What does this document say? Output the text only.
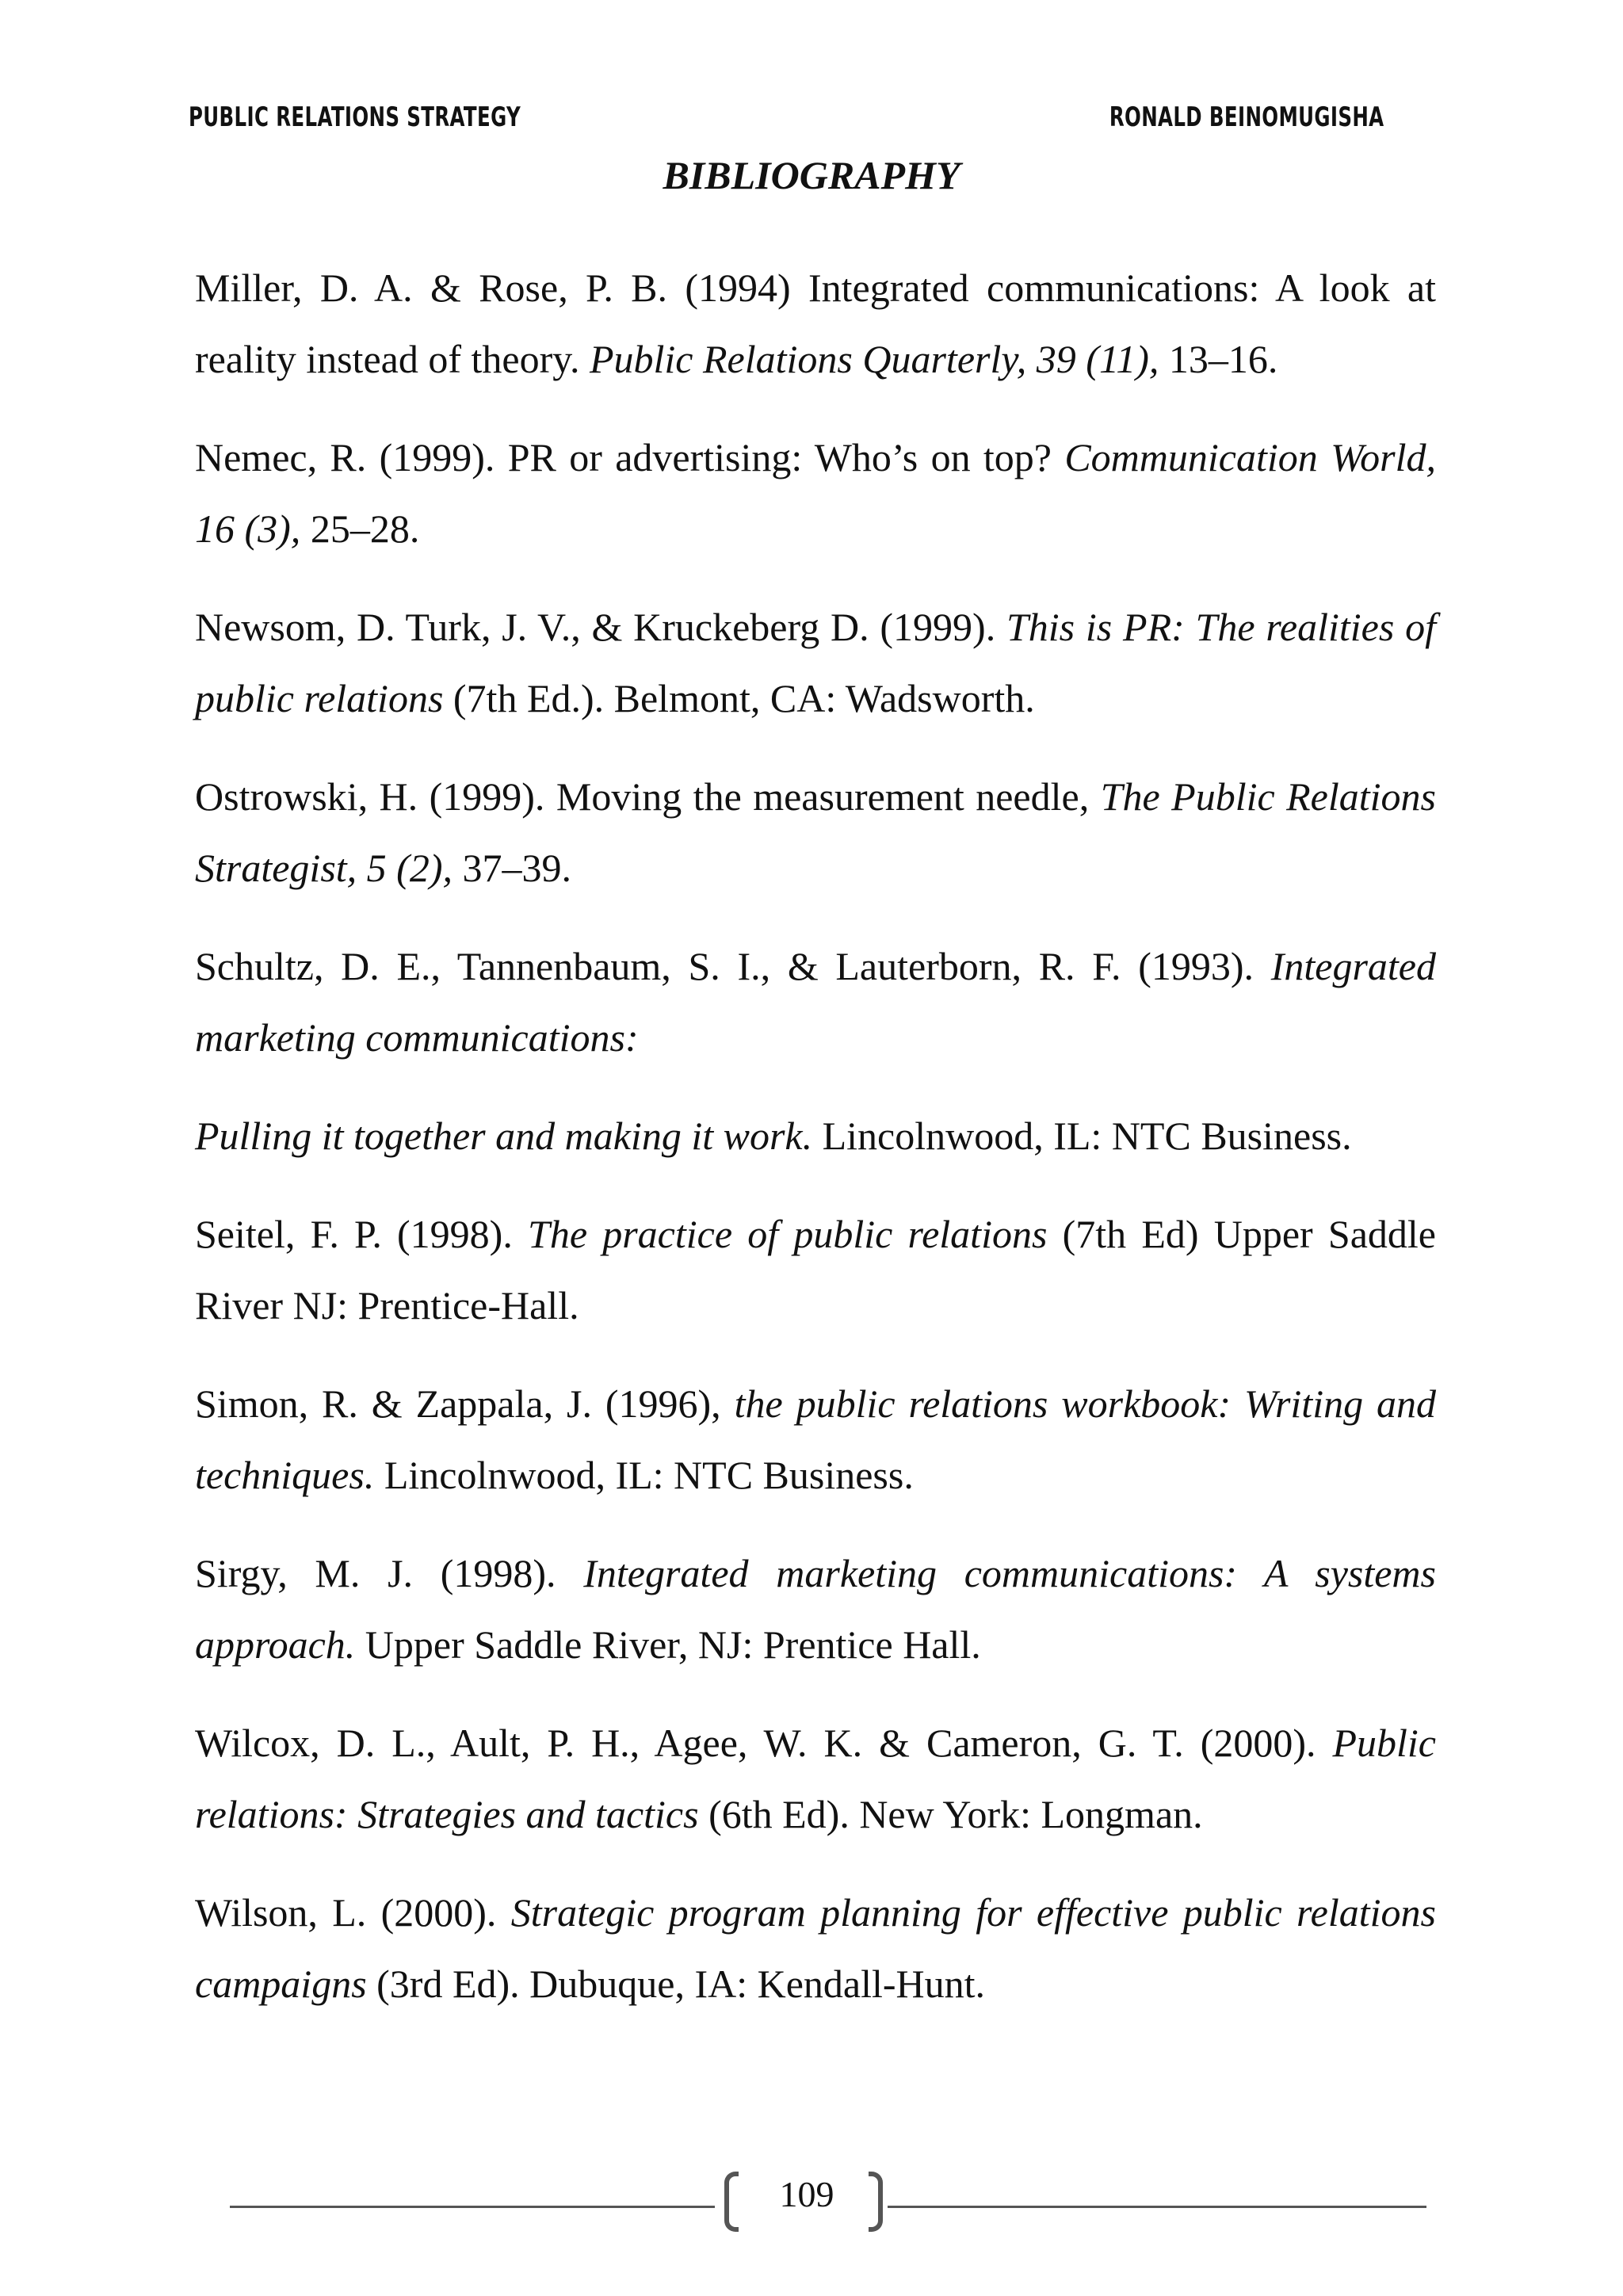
PUBLIC RELATIONS STRATEGY	RONALD BEINOMUGISHA
BIBLIOGRAPHY

Miller, D. A. & Rose, P. B. (1994) Integrated communications: A look at reality instead of theory. Public Relations Quarterly, 39 (11), 13–16.

Nemec, R. (1999). PR or advertising: Who’s on top? Communication World, 16 (3), 25–28.

Newsom, D. Turk, J. V., & Kruckeberg D. (1999). This is PR: The realities of public relations (7th Ed.). Belmont, CA: Wadsworth.

Ostrowski, H. (1999). Moving the measurement needle, The Public Relations Strategist, 5 (2), 37–39.

Schultz, D. E., Tannenbaum, S. I., & Lauterborn, R. F. (1993). Integrated marketing communications:

Pulling it together and making it work. Lincolnwood, IL: NTC Business.

Seitel, F. P. (1998). The practice of public relations (7th Ed) Upper Saddle River NJ: Prentice-Hall.

Simon, R. & Zappala, J. (1996), the public relations workbook: Writing and techniques. Lincolnwood, IL: NTC Business.

Sirgy, M. J. (1998). Integrated marketing communications: A systems approach. Upper Saddle River, NJ: Prentice Hall.

Wilcox, D. L., Ault, P. H., Agee, W. K. & Cameron, G. T. (2000). Public relations: Strategies and tactics (6th Ed). New York: Longman.

Wilson, L. (2000). Strategic program planning for effective public relations campaigns (3rd Ed). Dubuque, IA: Kendall-Hunt.

109
